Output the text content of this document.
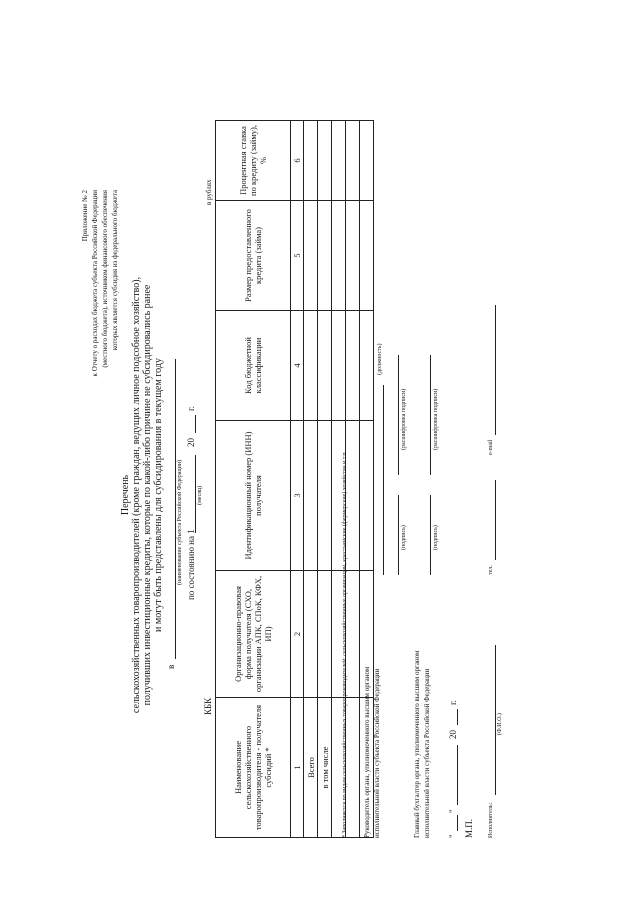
Приложение № 2 к Отчету о расходах бюджета субъекта Российской Федерации (местного бюджета), источником финансового обеспечения которых является субсидия из федерального бюджета
Перечень сельскохозяйственных товаропроизводителей (кроме граждан, ведущих личное подсобное хозяйство), получивших инвестиционные кредиты, которые по какой-либо причине не субсидировались ранее и могут быть представлены для субсидирования в текущем году
в
(наименование субъекта Российской Федерации) по состоянию на 1
(месяц)
20
г.
КБК
в рублях
Наименование сельскохозяйственного товаропроизводителя - получателя субсидий *	Организационно-правовая форма получателя (СХО, организации АПК, СПоК, КФХ, ИП)	Идентификационный номер (ИНН) получателя	Код бюджетной классификации	Размер предоставленного кредита (займа)	Процентная ставка по кредиту (займу), %
1	2	3	4	5	6
Всего					
в том числе					

					* Заполняется по видам сельскохозяйственных товаропроизводителей: сельскохозяйственные организации, крестьянские (фермерские) хозяйства и т.п. Руководитель органа, уполномоченного высшим органом исполнительной власти субъекта Российской Федерации
(должность)
(подпись)
(расшифровка подписи)
Главный бухгалтер органа, уполномоченного высшим органом исполнительной власти субъекта Российской Федерации
(подпись)
(расшифровка подписи)
"
"
20
г.
М.П. Исполнитель:
(Ф.И.О.)
тел.
e-mail
